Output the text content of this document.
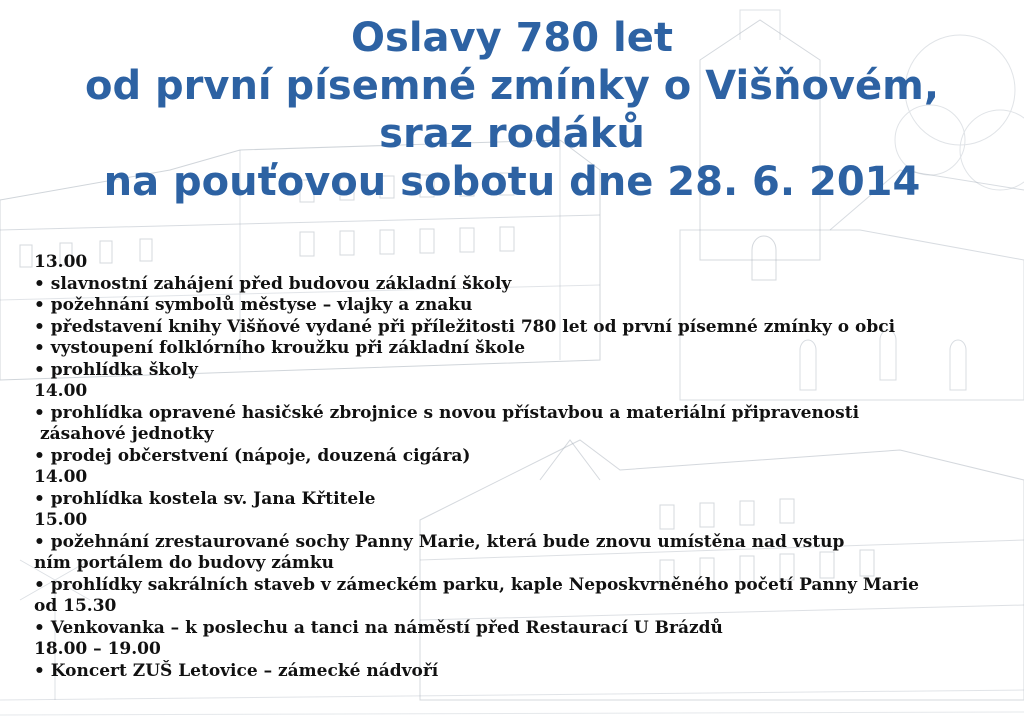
Oslavy 780 let
od první písemné zmínky o Višňovém,
sraz rodáků
na pouťovou sobotu dne 28. 6. 2014
13.00
• slavnostní zahájení před budovou základní školy
• požehnání symbolů městyse – vlajky a znaku
• představení knihy Višňové vydané při příležitosti 780 let od první písemné zmínky o obci
• vystoupení folklórního kroužku při základní škole
• prohlídka školy
14.00
• prohlídka opravené hasičské zbrojnice s novou přístavbou a materiální připravenosti
zásahové jednotky
• prodej občerstvení (nápoje, douzená cigára)
14.00
• prohlídka kostela sv. Jana Křtitele
15.00
• požehnání zrestaurované sochy Panny Marie, která bude znovu umístěna nad vstup
ním portálem do budovy zámku
• prohlídky sakrálních staveb v zámeckém parku, kaple Neposkvrněného početí Panny Marie
od 15.30
• Venkovanka – k poslechu a tanci na náměstí před Restaurací U Brázdů
18.00 – 19.00
• Koncert ZUŠ Letovice – zámecké nádvoří
